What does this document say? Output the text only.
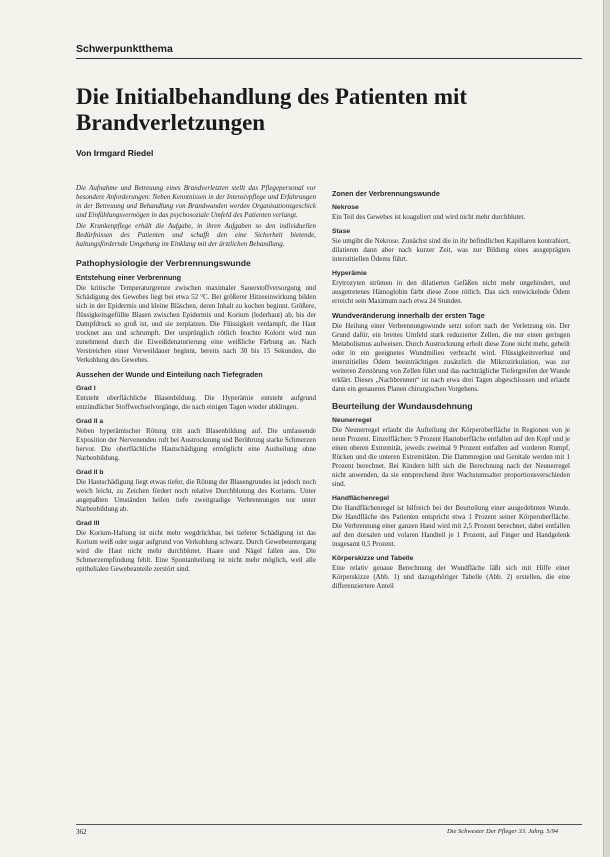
Schwerpunktthema
Die Initialbehandlung des Patienten mit Brandverletzungen
Von Irmgard Riedel

Die Aufnahme und Betreuung eines Brandverletzten stellt das Pflegepersonal vor besondere Anforderungen: Neben Kenntnissen in der Intensivpflege und Erfahrungen in der Betreuung und Behandlung von Brandwunden werden Organisationsgeschick und Einfühlungsvermögen in das psychosoziale Umfeld des Patienten verlangt.

Die Krankenpflege erhält die Aufgabe, in ihren Aufgaben so den individuellen Bedürfnissen des Patienten und schafft den eine Sicherheit bietende, haltungsfördernde Umgebung im Einklang mit der ärztlichen Behandlung.

Pathophysiologie der Verbrennungswunde
Entstehung einer Verbrennung

Die kritische Temperaturgrenze zwischen maximaler Sauerstoffversorgung und Schädigung des Gewebes liegt bei etwa 52 °C. Bei größerer Hitzeeinwirkung bilden sich in der Epidermis und kleine Bläschen, deren Inhalt zu kochen beginnt. Größere, flüssigkeitsgefüllte Blasen zwischen Epidermis und Korium (lederhaut) ab, bis der Dampfdruck so groß ist, und sie zerplatzen. Die Flüssigkeit verdampft, die Haut trocknet aus und schrumpft. Der ursprünglich rötlich feuchte Kolorit wird nun zunehmend durch die Eiweißdenaturierung eine weißliche Färbung an. Nach Verstreichen einer Verweildauer beginnt, bereits nach 30 bis 15 Sekunden, die Verkohlung des Gewebes.

Aussehen der Wunde und Einteilung nach Tiefegraden
Grad I

Entsteht oberflächliche Blasenbildung. Die Hyperämie entsteht aufgrund entzündlicher Stoffwechselvorgänge, die nach einigen Tagen wieder abklingen.

Grad II a

Neben hyperämischer Rötung tritt auch Blasenbildung auf. Die umfassende Exposition der Nervenenden ruft bei Austrocknung und Berührung starke Schmerzen hervor. Die oberflächliche Hautschädigung ermöglicht eine Ausheilung ohne Narbenbildung.

Grad II b

Die Hautschädigung liegt etwas tiefer, die Rötung der Blasengrundes ist jedoch noch weich leicht, zu Zeichen fördert noch relative Durchblutung des Koriums. Unter angepaßten Umständen heilen tiefe zweitgradige Verbrennungen nur unter Narbenbildung ab.

Grad III

Die Korium-Haltung ist nicht mehr wegdrückbar, bei tieferer Schädigung ist das Korium weiß oder sogar aufgrund von Verkohlung schwarz. Durch Gewebeuntergang wird die Haut nicht mehr durchblutet. Haare und Nägel fallen aus. Die Schmerzempfindung fehlt. Eine Spontanheilung ist nicht mehr möglich, weil alle epithelialen Gewebeanteile zerstört sind.

Zonen der Verbrennungswunde
Nekrose

Ein Teil des Gewebes ist koaguliert und wird nicht mehr durchblutet.

Stase

Sie umgibt die Nekrose. Zunächst sind die in ihr befindlichen Kapillaren kontrahiert, dilatieren dann aber nach kurzer Zeit, was zur Bildung eines ausgeprägten interstitiellen Ödems führt.

Hyperämie

Erytrozyten strömen in den dilatierten Gefäßen nicht mehr ungehindert, und ausgetretenes Hämoglobin färbt diese Zone rötlich. Das sich entwickelnde Ödem erreicht sein Maximum nach etwa 24 Stunden.

Wundveränderung innerhalb der ersten Tage

Die Heilung einer Verbrennungswunde setzt sofort nach der Verletzung ein. Der Grund dafür, ein breites Umfeld stark reduzierter Zellen, die nur einen geringen Metabolismus aufweisen. Durch Austrocknung erholt diese Zone nicht mehr, geheilt oder in ein geeignetes Wundmilieu verbracht wird. Flüssigkeitsverlust und interstitielles Ödem beeinträchtigen zusätzlich die Mikrozirkulation, was zur weiteren Zerstörung von Zellen führt und das nachträgliche Tiefergreifen der Wunde erklärt. Dieses „Nachbrennen“ ist nach etwa drei Tagen abgeschlossen und erlaubt dann ein genaueres Planen chirurgischen Vorgehens.

Beurteilung der Wundausdehnung
Neunerregel

Die Neunerregel erlaubt die Aufteilung der Körperoberfläche in Regionen von je neun Prozent. Einzelflächen: 9 Prozent Hautoberfläche entfallen auf den Kopf und je einen oberen Extremität, jeweils zweimal 9 Prozent entfallen auf vorderen Rumpf, Rücken und die unteren Extremitäten. Die Dammregion und Genitale werden mit 1 Prozent berechnet. Bei Kindern hilft sich die Berechnung nach der Neunerregel nicht anwenden, da sie entsprechend ihrer Wachstumsalter proportionsverschieden sind.

Handflächenregel

Die Handflächenregel ist hilfreich bei der Beurteilung einer ausgedehnten Wunde. Die Handfläche des Patienten entspricht etwa 1 Prozent seiner Körperoberfläche. Die Verbrennung einer ganzen Hand wird mit 2,5 Prozent berechnet, dabei entfallen auf den dorsalen und volaren Handteil je 1 Prozent, auf Finger und Handgelenk insgesamt 0,5 Prozent.

Körperskizze und Tabelle

Eine relativ genaue Berechnung der Wundfläche läßt sich mit Hilfe einer Körperskizze (Abb. 1) und dazugehöriger Tabelle (Abb. 2) erstellen, die eine differenziertere Anteil

362	Die Schwester Der Pfleger 33. Jahrg. 5/94
